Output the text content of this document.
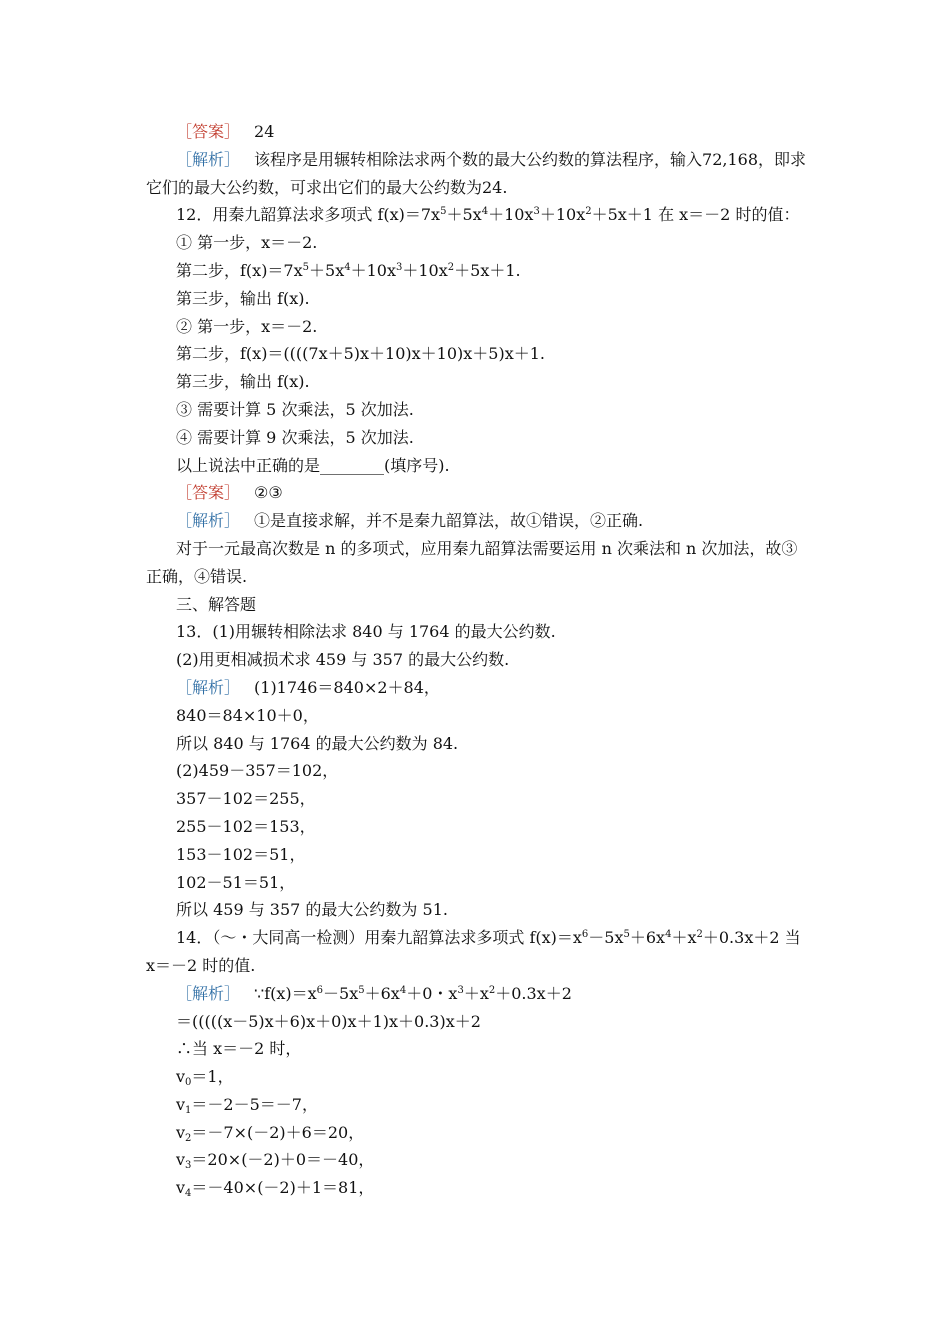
［答案］ 24
［解析］ 该程序是用辗转相除法求两个数的最大公约数的算法程序，输入72,168，即求它们的最大公约数，可求出它们的最大公约数为24.
12．用秦九韶算法求多项式 $f(x)=7x^5+5x^4+10x^3+10x^2+5x+1$ 在 x＝－2 时的值：
① 第一步，x＝－2.
第二步，$f(x)=7x^5+5x^4+10x^3+10x^2+5x+1$.
第三步，输出 f(x).
② 第一步，x＝－2.
第二步，f(x)＝((((7x＋5)x＋10)x＋10)x＋5)x＋1.
第三步，输出 f(x).
③ 需要计算 5 次乘法，5 次加法.
④ 需要计算 9 次乘法，5 次加法.
以上说法中正确的是________(填序号).
［答案］ ②③
［解析］ ①是直接求解，并不是秦九韶算法，故①错误，②正确.
对于一元最高次数是 n 的多项式，应用秦九韶算法需要运用 n 次乘法和 n 次加法，故③正确，④错误.
三、解答题
13．(1)用辗转相除法求 840 与 1764 的最大公约数.
(2)用更相减损术求 459 与 357 的最大公约数.
［解析］ (1)1746＝840×2＋84，
840＝84×10＋0，
所以 840 与 1764 的最大公约数为 84.
(2)459－357＝102，
357－102＝255，
255－102＝153，
153－102＝51，
102－51＝51，
所以 459 与 357 的最大公约数为 51.
14．（～・大同高一检测）用秦九韶算法求多项式 $f(x)=x^6-5x^5+6x^4+x^2+0.3x+2$ 当
x＝－2 时的值.
［解析］ $\because f(x)=x^6-5x^5+6x^4+0$・$x^3+x^2+0.3x+2$
＝(((((x－5)x＋6)x＋0)x＋1)x＋0.3)x＋2
∴当 x＝－2 时，
$v_0=1$，
$v_1=-2-5=-7$，
$v_2=-7\times(-2)+6=20$，
$v_3=20\times(-2)+0=-40$，
$v_4=-40\times(-2)+1=81$，
